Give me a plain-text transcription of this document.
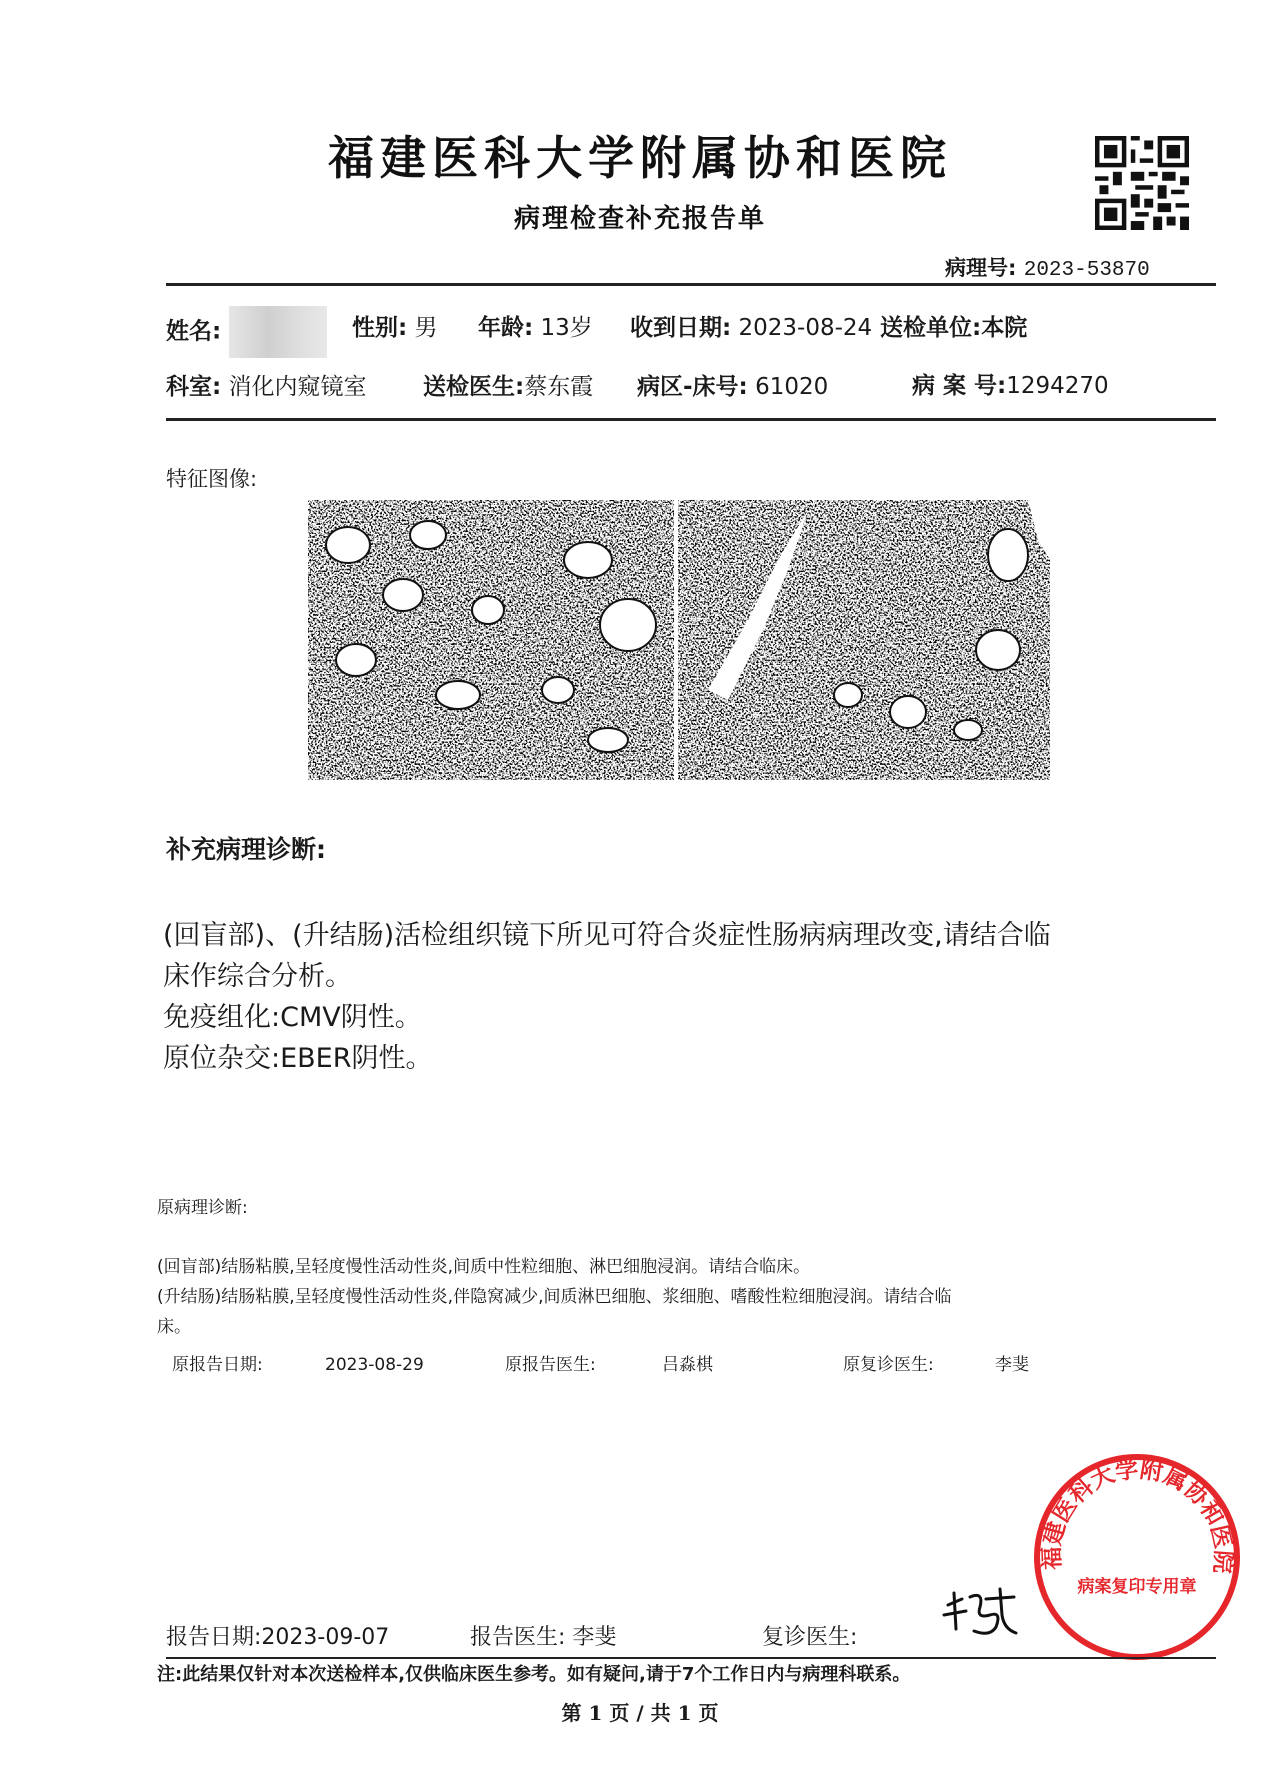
福建医科大学附属协和医院
病理检查补充报告单
病理号: 2023-53870
姓名:	性别: 男 年龄: 13岁 收到日期: 2023-08-24 送检单位:本院
科室: 消化内窥镜室 送检医生:蔡东霞 病区-床号: 61020	病 案 号:1294270
特征图像:
补充病理诊断:
(回盲部)、(升结肠)活检组织镜下所见可符合炎症性肠病病理改变,请结合临
床作综合分析。
免疫组化:CMV阴性。
原位杂交:EBER阴性。
原病理诊断:
(回盲部)结肠粘膜,呈轻度慢性活动性炎,间质中性粒细胞、淋巴细胞浸润。请结合临床。
(升结肠)结肠粘膜,呈轻度慢性活动性炎,伴隐窝减少,间质淋巴细胞、浆细胞、嗜酸性粒细胞浸润。请结合临
床。
原报告日期:	2023-08-29	原报告医生:	吕淼棋	原复诊医生:	李斐
福建医科大学附属协和医院
病案复印专用章
报告日期:2023-09-07	报告医生: 李斐	复诊医生:
注:此结果仅针对本次送检样本,仅供临床医生参考。如有疑问,请于7个工作日内与病理科联系。
第 1 页 / 共 1 页
